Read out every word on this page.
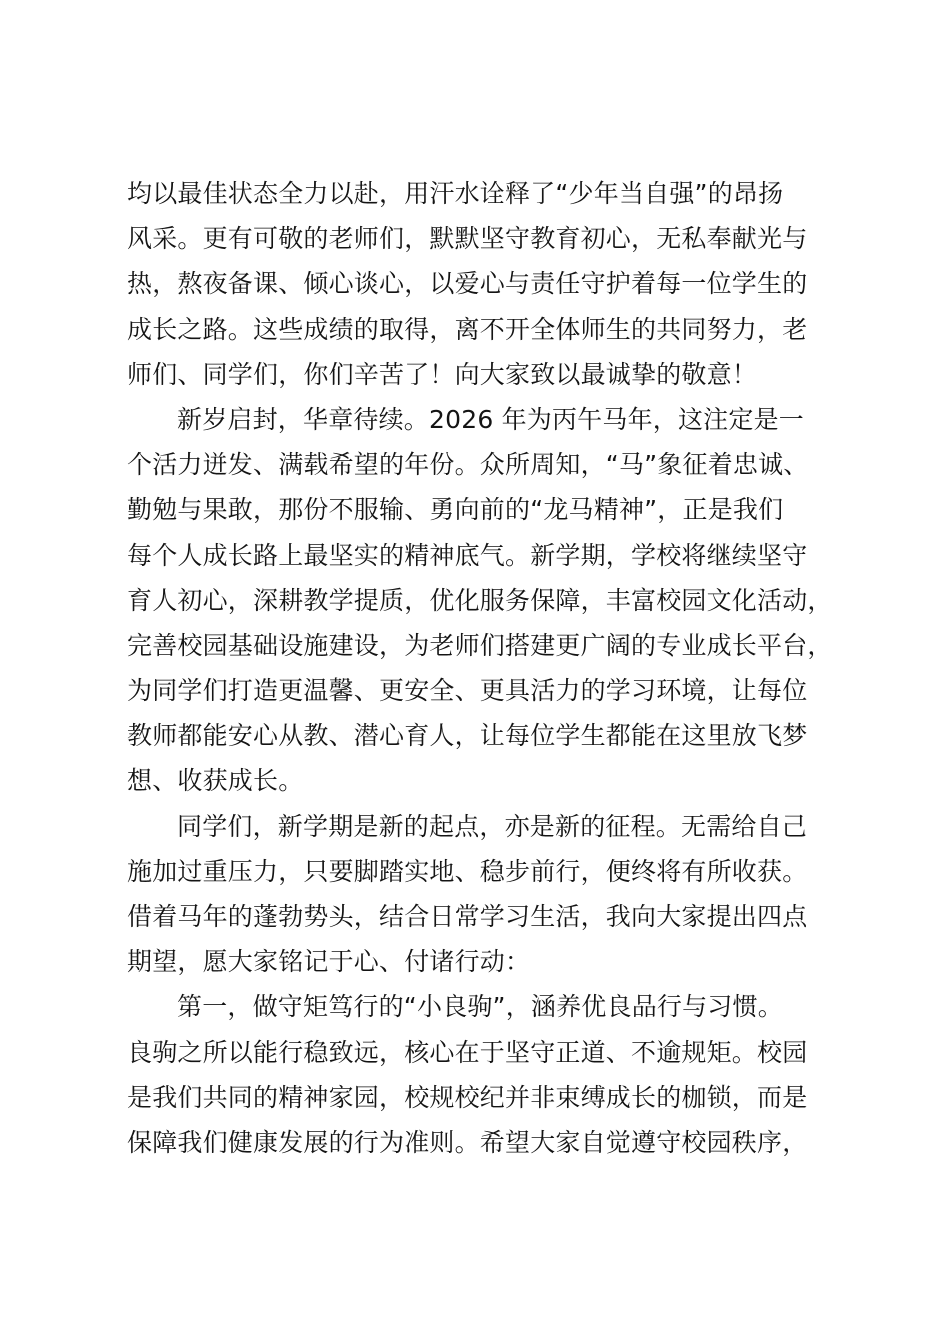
均以最佳状态全力以赴，用汗水诠释了“少年当自强”的昂扬
风采。更有可敬的老师们，默默坚守教育初心，无私奉献光与
热，熬夜备课、倾心谈心，以爱心与责任守护着每一位学生的
成长之路。这些成绩的取得，离不开全体师生的共同努力，老
师们、同学们，你们辛苦了！向大家致以最诚挚的敬意！
新岁启封，华章待续。2026 年为丙午马年，这注定是一
个活力迸发、满载希望的年份。众所周知，“马”象征着忠诚、
勤勉与果敢，那份不服输、勇向前的“龙马精神”，正是我们
每个人成长路上最坚实的精神底气。新学期，学校将继续坚守
育人初心，深耕教学提质，优化服务保障，丰富校园文化活动，
完善校园基础设施建设，为老师们搭建更广阔的专业成长平台，
为同学们打造更温馨、更安全、更具活力的学习环境，让每位
教师都能安心从教、潜心育人，让每位学生都能在这里放飞梦
想、收获成长。
同学们，新学期是新的起点，亦是新的征程。无需给自己
施加过重压力，只要脚踏实地、稳步前行，便终将有所收获。
借着马年的蓬勃势头，结合日常学习生活，我向大家提出四点
期望，愿大家铭记于心、付诸行动：
第一，做守矩笃行的“小良驹”，涵养优良品行与习惯。
良驹之所以能行稳致远，核心在于坚守正道、不逾规矩。校园
是我们共同的精神家园，校规校纪并非束缚成长的枷锁，而是
保障我们健康发展的行为准则。希望大家自觉遵守校园秩序，
